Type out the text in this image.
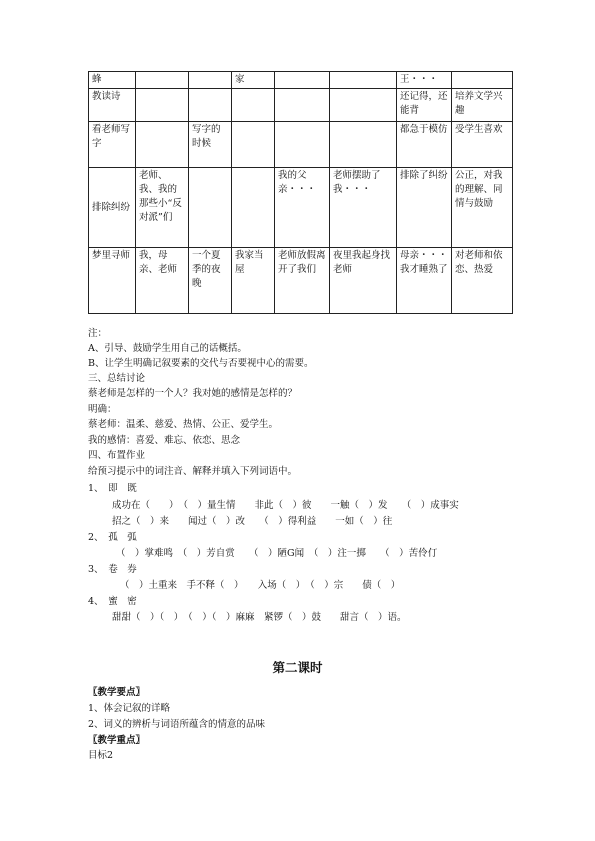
蜂			家			王・・・	
教读诗						还记得，还能背	培养文学兴趣
看老师写字		写字的时候				都急于模仿	受学生喜欢
排除纠纷	老师、我、我的那些小“反对派”们			我的父亲・・・	老师摆助了我・・・	排除了纠纷	公正，对我的理解、同情与鼓励
梦里寻师	我，母亲、老师	一个夏季的夜晚	我家当屋	老师放假离开了我们	夜里我起身找老师	母亲・・・我才睡熟了	对老师和依恋、热爱
注：
A、引导、鼓励学生用自己的话概括。
B、让学生明确记叙要素的交代与否要视中心的需要。
三、总结讨论
蔡老师是怎样的一个人？我对她的感情是怎样的？
明确：
蔡老师：温柔、慈爱、热情、公正、爱学生。
我的感情：喜爱、难忘、依恋、思念
四、布置作业
给预习提示中的词注音、解释并填入下列词语中。
1、　即　既
成功在（　　）　（　）量生情　　非此（　）彼　　一触（　）发　　（　）成事实
招之（　）来　　闻过（　）改　　（　）得利益　　一如（　）往
2、　孤　弧
（　）掌难鸣　（　）芳自赏　　（　）陋G闻　（　）注一掷　　（　）苦伶仃
3、　卷　券
（　）土重来　手不释（　）　　入场（　）　（　）宗　　债（　）
4、　蜜　密
甜甜（　）（　）　（　）（　）麻麻　紧锣（　）鼓　　甜言（　）语。
第二课时
〖教学要点〗
1、体会记叙的详略
2、词义的辨析与词语所蕴含的情意的品味
〖教学重点〗
目标2
